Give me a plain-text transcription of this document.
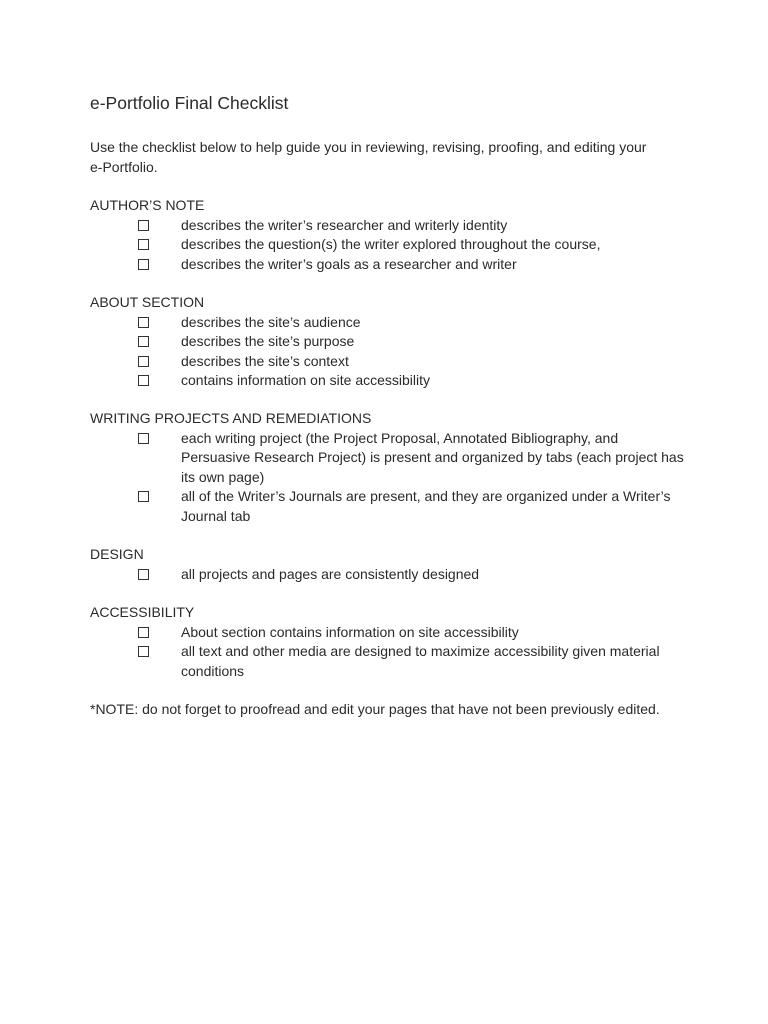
e-Portfolio Final Checklist
Use the checklist below to help guide you in reviewing, revising, proofing, and editing your
e-Portfolio.
AUTHOR’S NOTE
describes the writer’s researcher and writerly identity
describes the question(s) the writer explored throughout the course,
describes the writer’s goals as a researcher and writer
ABOUT SECTION
describes the site’s audience
describes the site’s purpose
describes the site’s context
contains information on site accessibility
WRITING PROJECTS AND REMEDIATIONS
each writing project (the Project Proposal, Annotated Bibliography, and Persuasive Research Project) is present and organized by tabs (each project has its own page)
all of the Writer’s Journals are present, and they are organized under a Writer’s Journal tab
DESIGN
all projects and pages are consistently designed
ACCESSIBILITY
About section contains information on site accessibility
all text and other media are designed to maximize accessibility given material conditions
*NOTE: do not forget to proofread and edit your pages that have not been previously edited.
